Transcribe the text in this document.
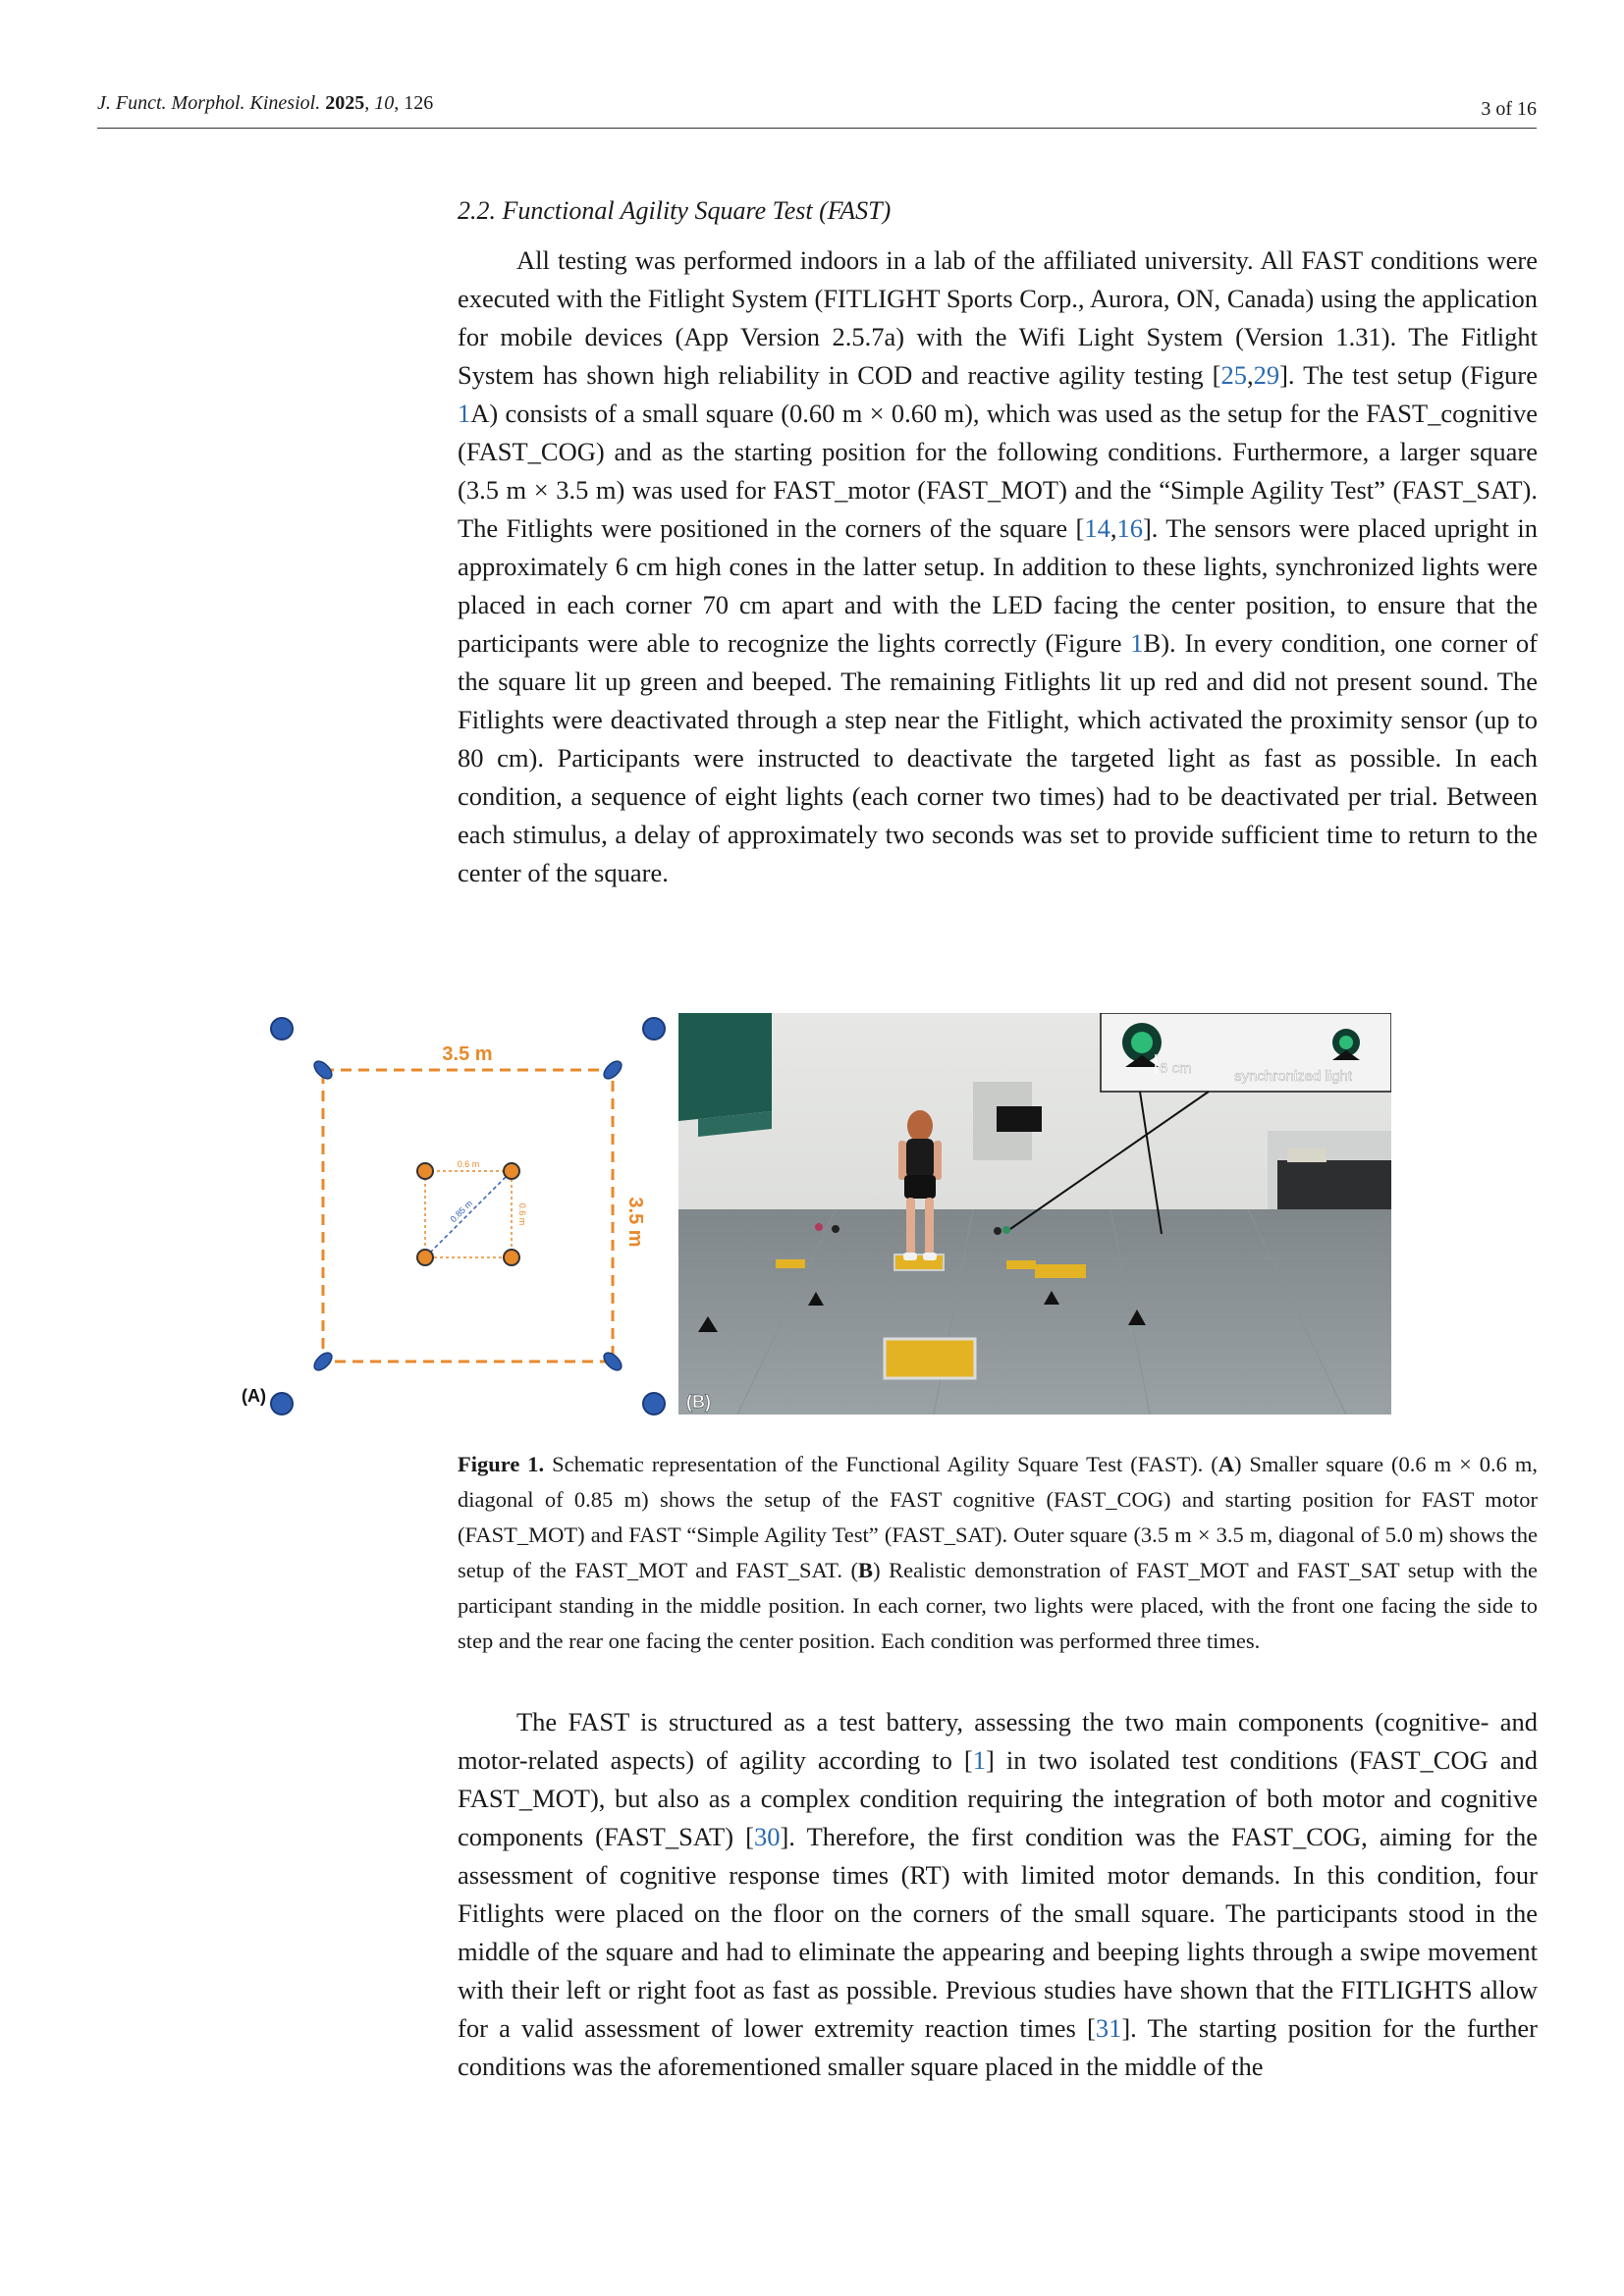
J. Funct. Morphol. Kinesiol. 2025, 10, 126	3 of 16
2.2. Functional Agility Square Test (FAST)

All testing was performed indoors in a lab of the affiliated university. All FAST conditions were executed with the Fitlight System (FITLIGHT Sports Corp., Aurora, ON, Canada) using the application for mobile devices (App Version 2.5.7a) with the Wifi Light System (Version 1.31). The Fitlight System has shown high reliability in COD and reactive agility testing [25,29]. The test setup (Figure 1A) consists of a small square (0.60 m × 0.60 m), which was used as the setup for the FAST_cognitive (FAST_COG) and as the starting position for the following conditions. Furthermore, a larger square (3.5 m × 3.5 m) was used for FAST_motor (FAST_MOT) and the “Simple Agility Test” (FAST_SAT). The Fitlights were positioned in the corners of the square [14,16]. The sensors were placed upright in approximately 6 cm high cones in the latter setup. In addition to these lights, synchronized lights were placed in each corner 70 cm apart and with the LED facing the center position, to ensure that the participants were able to recognize the lights correctly (Figure 1B). In every condition, one corner of the square lit up green and beeped. The remaining Fitlights lit up red and did not present sound. The Fitlights were deactivated through a step near the Fitlight, which activated the proximity sensor (up to 80 cm). Participants were instructed to deactivate the targeted light as fast as possible. In each condition, a sequence of eight lights (each corner two times) had to be deactivated per trial. Between each stimulus, a delay of approximately two seconds was set to provide sufficient time to return to the center of the square.

3.5 m
3.5 m
0.6 m
0.6 m
0.85 m
(A)
6 cm	synchronized light
(B)

Figure 1. Schematic representation of the Functional Agility Square Test (FAST). (A) Smaller square (0.6 m × 0.6 m, diagonal of 0.85 m) shows the setup of the FAST cognitive (FAST_COG) and starting position for FAST motor (FAST_MOT) and FAST “Simple Agility Test” (FAST_SAT). Outer square (3.5 m × 3.5 m, diagonal of 5.0 m) shows the setup of the FAST_MOT and FAST_SAT. (B) Realistic demonstration of FAST_MOT and FAST_SAT setup with the participant standing in the middle position. In each corner, two lights were placed, with the front one facing the side to step and the rear one facing the center position. Each condition was performed three times.

The FAST is structured as a test battery, assessing the two main components (cognitive- and motor-related aspects) of agility according to [1] in two isolated test conditions (FAST_COG and FAST_MOT), but also as a complex condition requiring the integration of both motor and cognitive components (FAST_SAT) [30]. Therefore, the first condition was the FAST_COG, aiming for the assessment of cognitive response times (RT) with limited motor demands. In this condition, four Fitlights were placed on the floor on the corners of the small square. The participants stood in the middle of the square and had to eliminate the appearing and beeping lights through a swipe movement with their left or right foot as fast as possible. Previous studies have shown that the FITLIGHTS allow for a valid assessment of lower extremity reaction times [31]. The starting position for the further conditions was the aforementioned smaller square placed in the middle of the
